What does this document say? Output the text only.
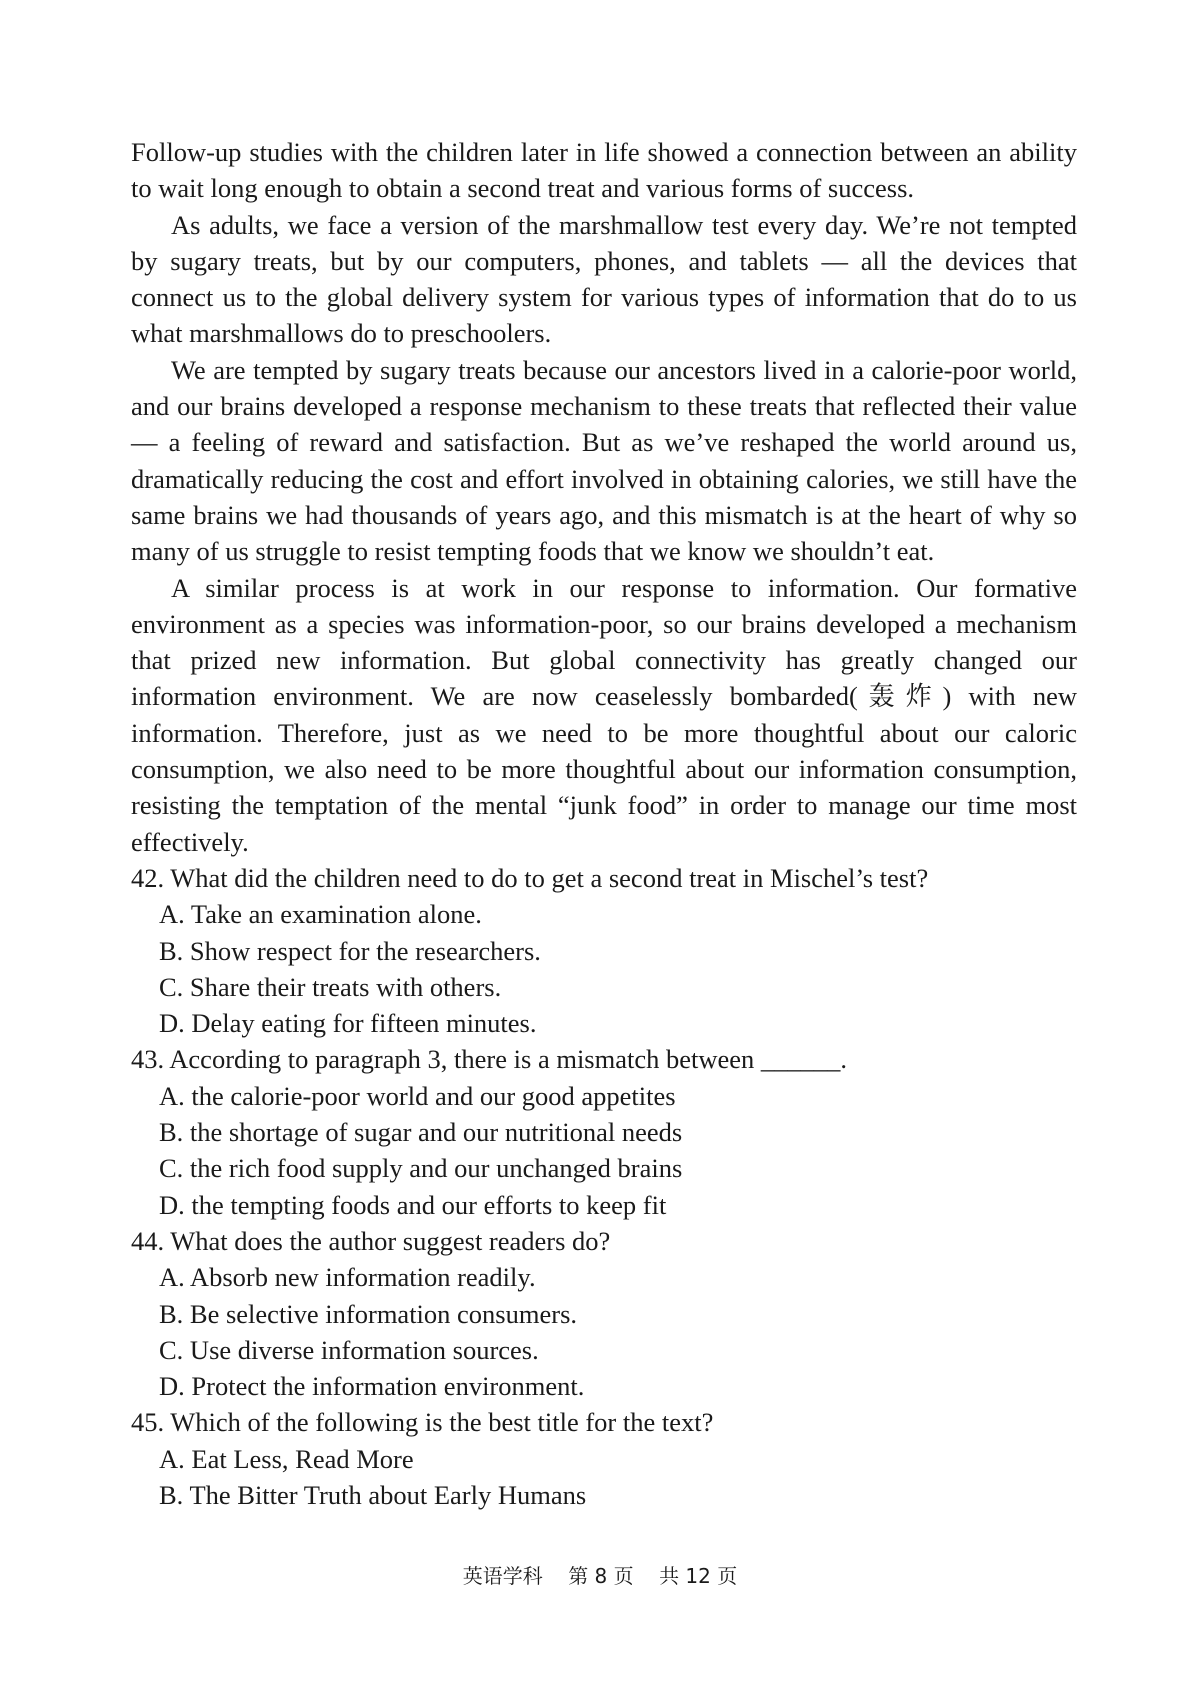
Follow-up studies with the children later in life showed a connection between an ability to wait long enough to obtain a second treat and various forms of success.

As adults, we face a version of the marshmallow test every day. We’re not tempted by sugary treats, but by our computers, phones, and tablets — all the devices that connect us to the global delivery system for various types of information that do to us what marshmallows do to preschoolers.

We are tempted by sugary treats because our ancestors lived in a calorie-poor world, and our brains developed a response mechanism to these treats that reflected their value — a feeling of reward and satisfaction. But as we’ve reshaped the world around us, dramatically reducing the cost and effort involved in obtaining calories, we still have the same brains we had thousands of years ago, and this mismatch is at the heart of why so many of us struggle to resist tempting foods that we know we shouldn’t eat.

A similar process is at work in our response to information. Our formative environment as a species was information-poor, so our brains developed a mechanism that prized new information. But global connectivity has greatly changed our information environment. We are now ceaselessly bombarded(轰炸) with new information. Therefore, just as we need to be more thoughtful about our caloric consumption, we also need to be more thoughtful about our information consumption, resisting the temptation of the mental “junk food” in order to manage our time most effectively.

42. What did the children need to do to get a second treat in Mischel’s test?

A. Take an examination alone.

B. Show respect for the researchers.

C. Share their treats with others.

D. Delay eating for fifteen minutes.

43. According to paragraph 3, there is a mismatch between ______.

A. the calorie-poor world and our good appetites

B. the shortage of sugar and our nutritional needs

C. the rich food supply and our unchanged brains

D. the tempting foods and our efforts to keep fit

44. What does the author suggest readers do?

A. Absorb new information readily.

B. Be selective information consumers.

C. Use diverse information sources.

D. Protect the information environment.

45. Which of the following is the best title for the text?

A. Eat Less, Read More

B. The Bitter Truth about Early Humans

英语学科    第 8 页    共 12 页
